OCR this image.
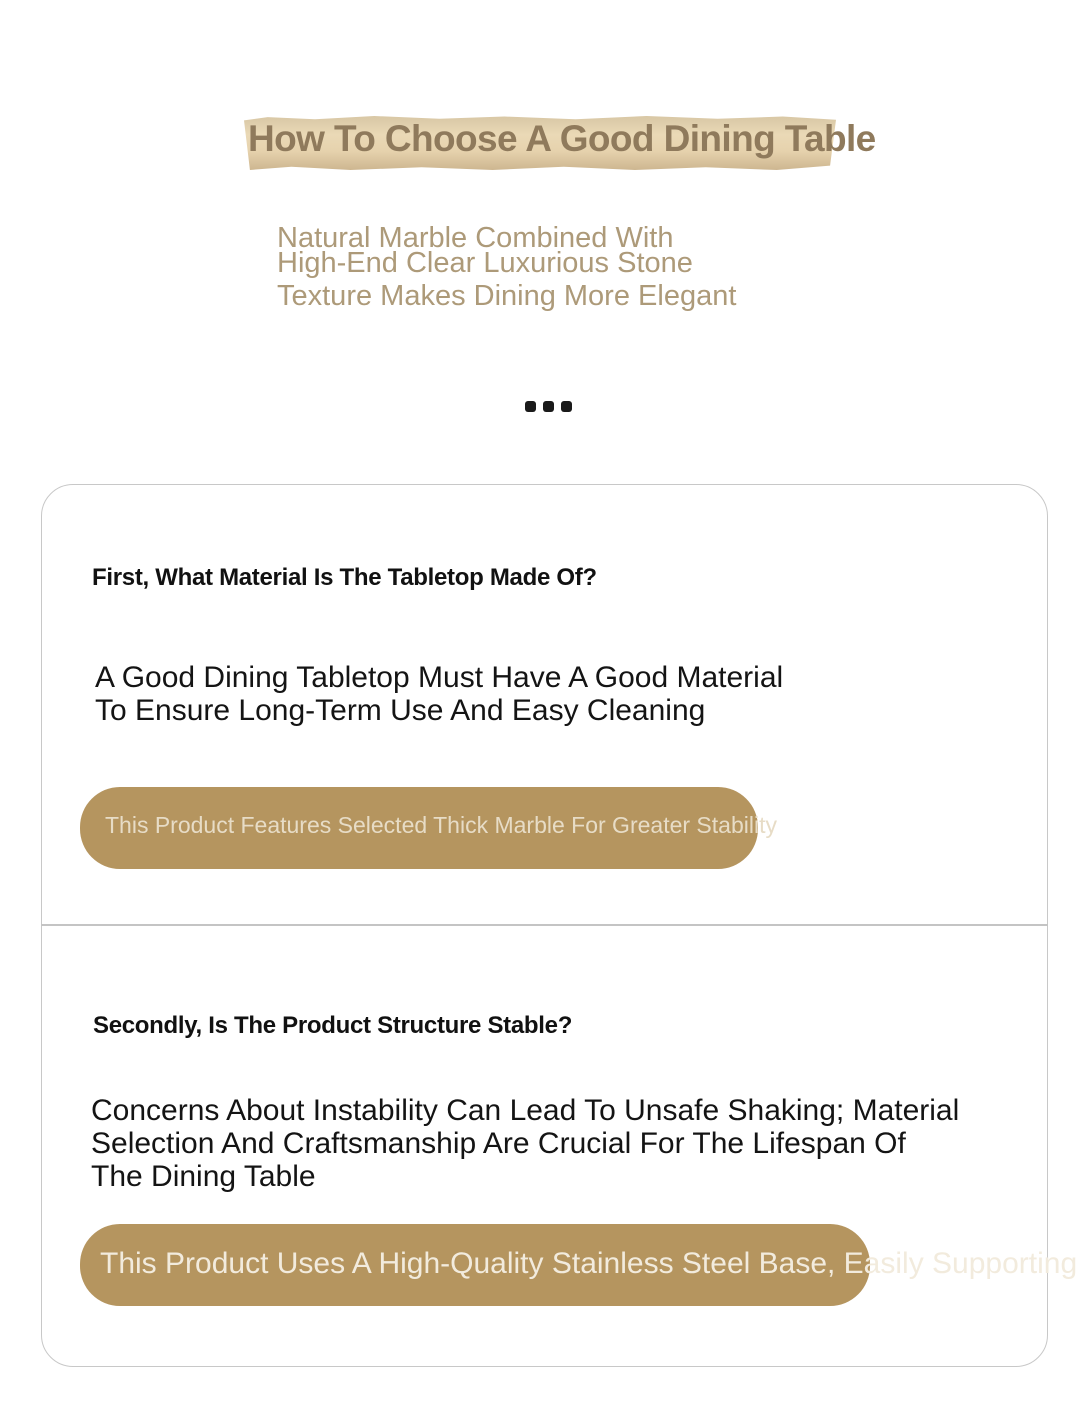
How To Choose A Good Dining Table

Natural Marble Combined With
High-End Clear Luxurious Stone
Texture Makes Dining More Elegant

First, What Material Is The Tabletop Made Of?

A Good Dining Tabletop Must Have A Good Material
To Ensure Long-Term Use And Easy Cleaning

This Product Features Selected Thick Marble For Greater Stability

Secondly, Is The Product Structure Stable?

Concerns About Instability Can Lead To Unsafe Shaking; Material
Selection And Craftsmanship Are Crucial For The Lifespan Of
The Dining Table

This Product Uses A High-Quality Stainless Steel Base, Easily Supporting
